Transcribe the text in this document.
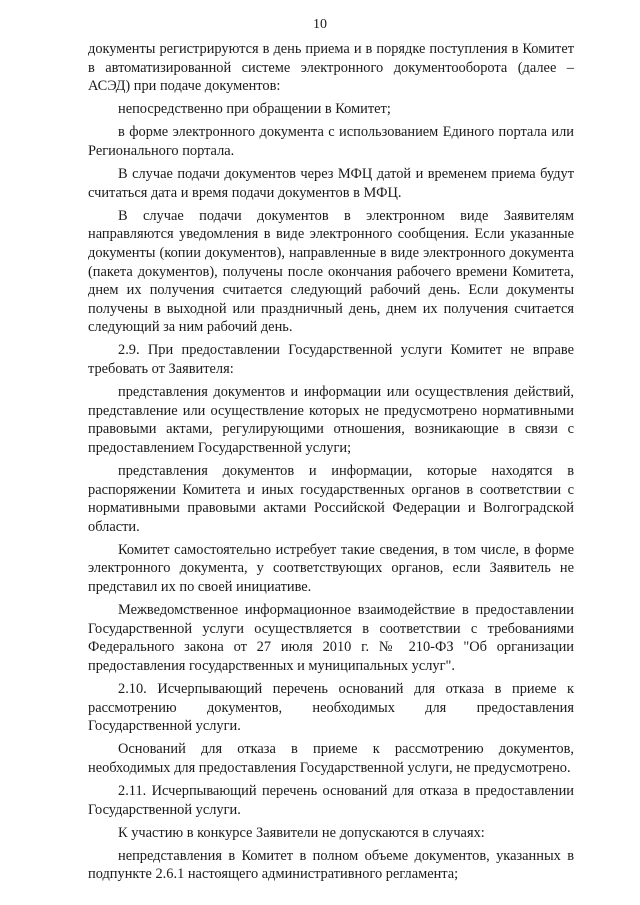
10

документы регистрируются в день приема и в порядке поступления в Комитет в автоматизированной системе электронного документооборота (далее – АСЭД) при подаче документов:

непосредственно при обращении в Комитет;

в форме электронного документа с использованием Единого портала или Регионального портала.

В случае подачи документов через МФЦ датой и временем приема будут считаться дата и время подачи документов в МФЦ.

В случае подачи документов в электронном виде Заявителям направляются уведомления в виде электронного сообщения. Если указанные документы (копии документов), направленные в виде электронного документа (пакета документов), получены после окончания рабочего времени Комитета, днем их получения считается следующий рабочий день. Если документы получены в выходной или праздничный день, днем их получения считается следующий за ним рабочий день.

2.9. При предоставлении Государственной услуги Комитет не вправе требовать от Заявителя:

представления документов и информации или осуществления действий, представление или осуществление которых не предусмотрено нормативными правовыми актами, регулирующими отношения, возникающие в связи с предоставлением Государственной услуги;

представления документов и информации, которые находятся в распоряжении Комитета и иных государственных органов в соответствии с нормативными правовыми актами Российской Федерации и Волгоградской области.

Комитет самостоятельно истребует такие сведения, в том числе, в форме электронного документа, у соответствующих органов, если Заявитель не представил их по своей инициативе.

Межведомственное информационное взаимодействие в предоставлении Государственной услуги осуществляется в соответствии с требованиями Федерального закона от 27 июля 2010 г. № 210-ФЗ "Об организации предоставления государственных и муниципальных услуг".

2.10. Исчерпывающий перечень оснований для отказа в приеме к рассмотрению документов, необходимых для предоставления Государственной услуги.

Оснований для отказа в приеме к рассмотрению документов, необходимых для предоставления Государственной услуги, не предусмотрено.

2.11. Исчерпывающий перечень оснований для отказа в предоставлении Государственной услуги.

К участию в конкурсе Заявители не допускаются в случаях:

непредставления в Комитет в полном объеме документов, указанных в подпункте 2.6.1 настоящего административного регламента;
